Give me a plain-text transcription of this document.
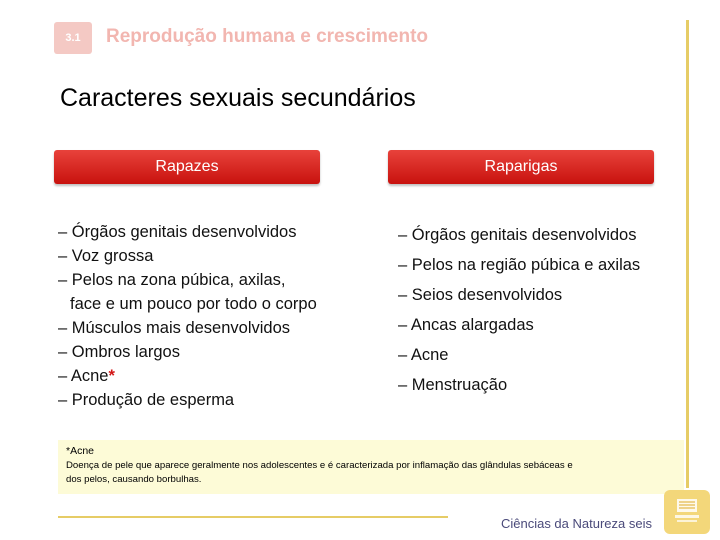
3.1 Reprodução humana e crescimento
Caracteres sexuais secundários
Rapazes	Raparigas
– Órgãos genitais desenvolvidos
– Voz grossa
– Pelos na zona púbica, axilas,
face e um pouco por todo o corpo
– Músculos mais desenvolvidos
– Ombros largos
– Acne*
– Produção de esperma
– Órgãos genitais desenvolvidos
– Pelos na região púbica e axilas
– Seios desenvolvidos
– Ancas alargadas
– Acne
– Menstruação
*Acne
Doença de pele que aparece geralmente nos adolescentes e é caracterizada por inflamação das glândulas sebáceas e
dos pelos, causando borbulhas.
Ciências da Natureza seis
